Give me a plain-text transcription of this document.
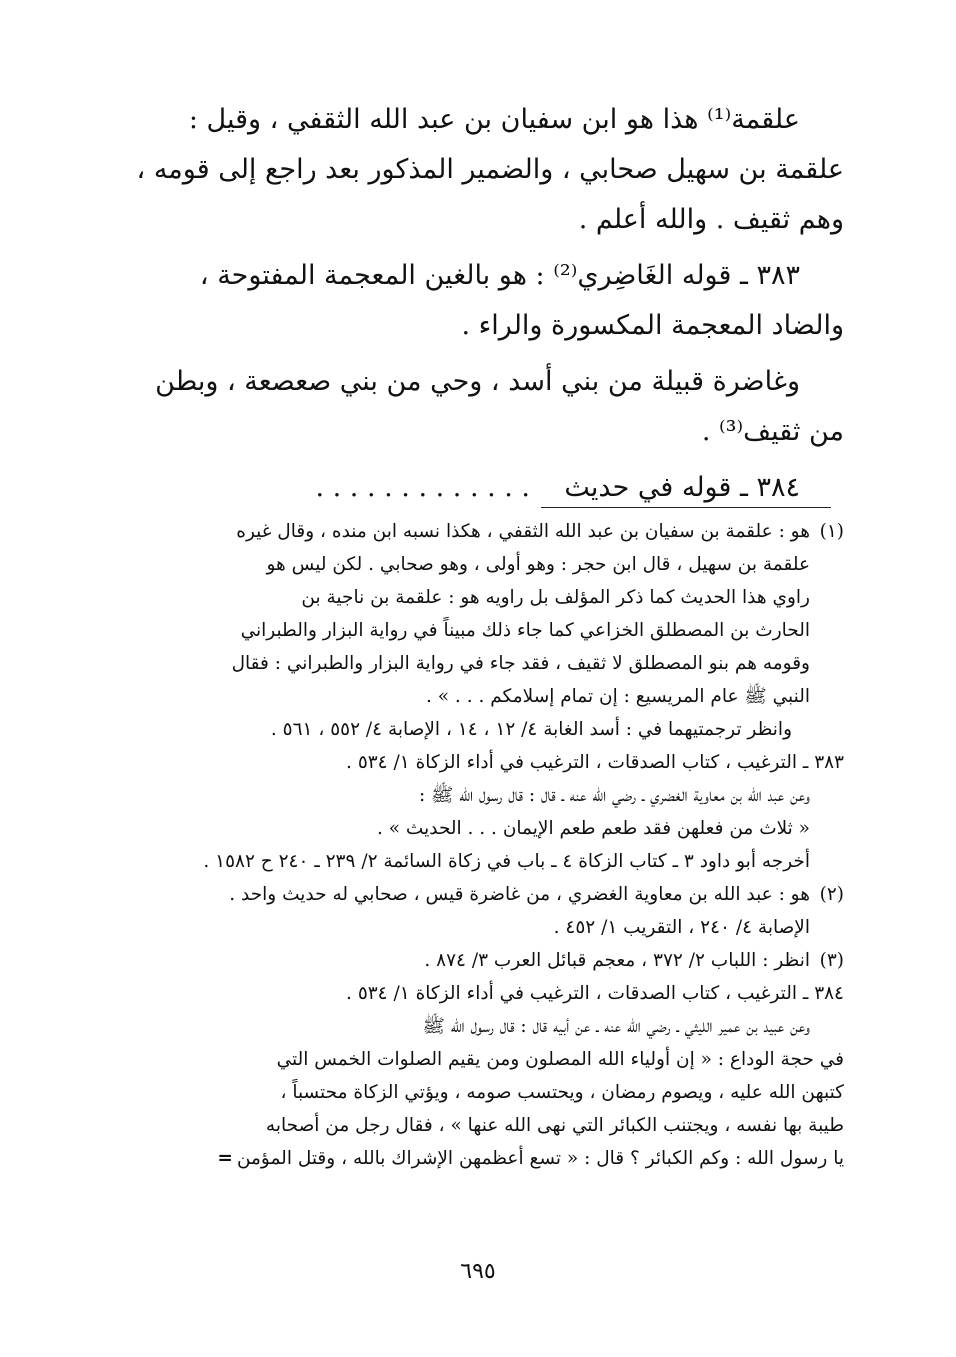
علقمة⁽¹⁾ هذا هو ابن سفيان بن عبد الله الثقفي ، وقيل :
علقمة بن سهيل صحابي ، والضمير المذكور بعد راجع إلى قومه ،
وهم ثقيف . والله أعلم .

٣٨٣ ـ قوله الغَاضِري⁽²⁾ : هو بالغين المعجمة المفتوحة ،
والضاد المعجمة المكسورة والراء .

وغاضرة قبيلة من بني أسد ، وحي من بني صعصعة ، وبطن
من ثقيف⁽³⁾ .

٣٨٤ ـ قوله في حديث    . . . . . . . . . . . . .

(١)هو : علقمة بن سفيان بن عبد الله الثقفي ، هكذا نسبه ابن منده ، وقال غيره
علقمة بن سهيل ، قال ابن حجر : وهو أولى ، وهو صحابي . لكن ليس هو
راوي هذا الحديث كما ذكر المؤلف بل راويه هو : علقمة بن ناجية بن
الحارث بن المصطلق الخزاعي كما جاء ذلك مبيناً في رواية البزار والطبراني
وقومه هم بنو المصطلق لا ثقيف ، فقد جاء في رواية البزار والطبراني : فقال
النبي ﷺ عام المريسيع : إن تمام إسلامكم . . . » .
وانظر ترجمتيهما في : أسد الغابة ٤/ ١٢ ، ١٤ ، الإصابة ٤/ ٥٥٢ ، ٥٦١ .
٣٨٣ ـ الترغيب ، كتاب الصدقات ، الترغيب في أداء الزكاة ١/ ٥٣٤ .
وعن عبد الله بن معاوية الغضري ـ رضي الله عنه ـ قال : قال رسول الله ﷺ :
« ثلاث من فعلهن فقد طعم طعم الإيمان . . . الحديث » .
أخرجه أبو داود ٣ ـ كتاب الزكاة ٤ ـ باب في زكاة السائمة ٢/ ٢٣٩ ـ ٢٤٠ ح ١٥٨٢ .
(٢)هو : عبد الله بن معاوية الغضري ، من غاضرة قيس ، صحابي له حديث واحد .
الإصابة ٤/ ٢٤٠ ، التقريب ١/ ٤٥٢ .
(٣)انظر : اللباب ٢/ ٣٧٢ ، معجم قبائل العرب ٣/ ٨٧٤ .
٣٨٤ ـ الترغيب ، كتاب الصدقات ، الترغيب في أداء الزكاة ١/ ٥٣٤ .
وعن عبيد بن عمير الليثي ـ رضي الله عنه ـ عن أبيه قال : قال رسول الله ﷺ
في حجة الوداع : « إن أولياء الله المصلون ومن يقيم الصلوات الخمس التي
كتبهن الله عليه ، ويصوم رمضان ، ويحتسب صومه ، ويؤتي الزكاة محتسباً ،
طيبة بها نفسه ، ويجتنب الكبائر التي نهى الله عنها » ، فقال رجل من أصحابه
يا رسول الله : وكم الكبائر ؟ قال : « تسع أعظمهن الإشراك بالله ، وقتل المؤمن=
٦٩٥
